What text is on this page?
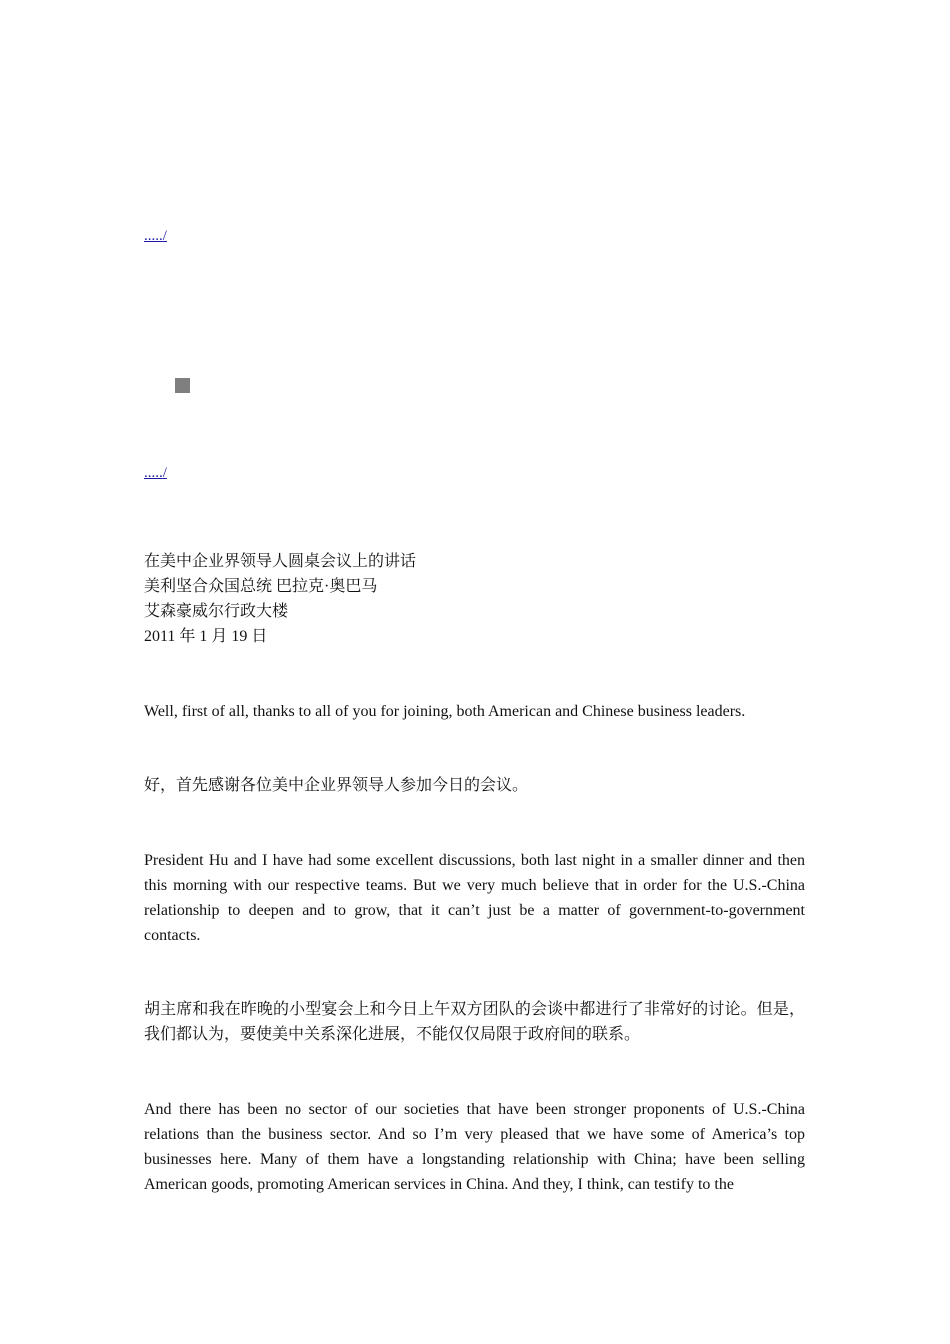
...../
...../
在美中企业界领导人圆桌会议上的讲话
美利坚合众国总统 巴拉克·奥巴马
艾森豪威尔行政大楼
2011 年 1 月 19 日

Well, first of all, thanks to all of you for joining, both American and Chinese business leaders.

好，首先感谢各位美中企业界领导人参加今日的会议。

President Hu and I have had some excellent discussions, both last night in a smaller dinner and then this morning with our respective teams. But we very much believe that in order for the U.S.-China relationship to deepen and to grow, that it can’t just be a matter of government-to-government contacts.

胡主席和我在昨晚的小型宴会上和今日上午双方团队的会谈中都进行了非常好的讨论。但是，我们都认为，要使美中关系深化进展，不能仅仅局限于政府间的联系。

And there has been no sector of our societies that have been stronger proponents of U.S.-China relations than the business sector. And so I’m very pleased that we have some of America’s top businesses here. Many of them have a longstanding relationship with China; have been selling American goods, promoting American services in China. And they, I think, can testify to the
